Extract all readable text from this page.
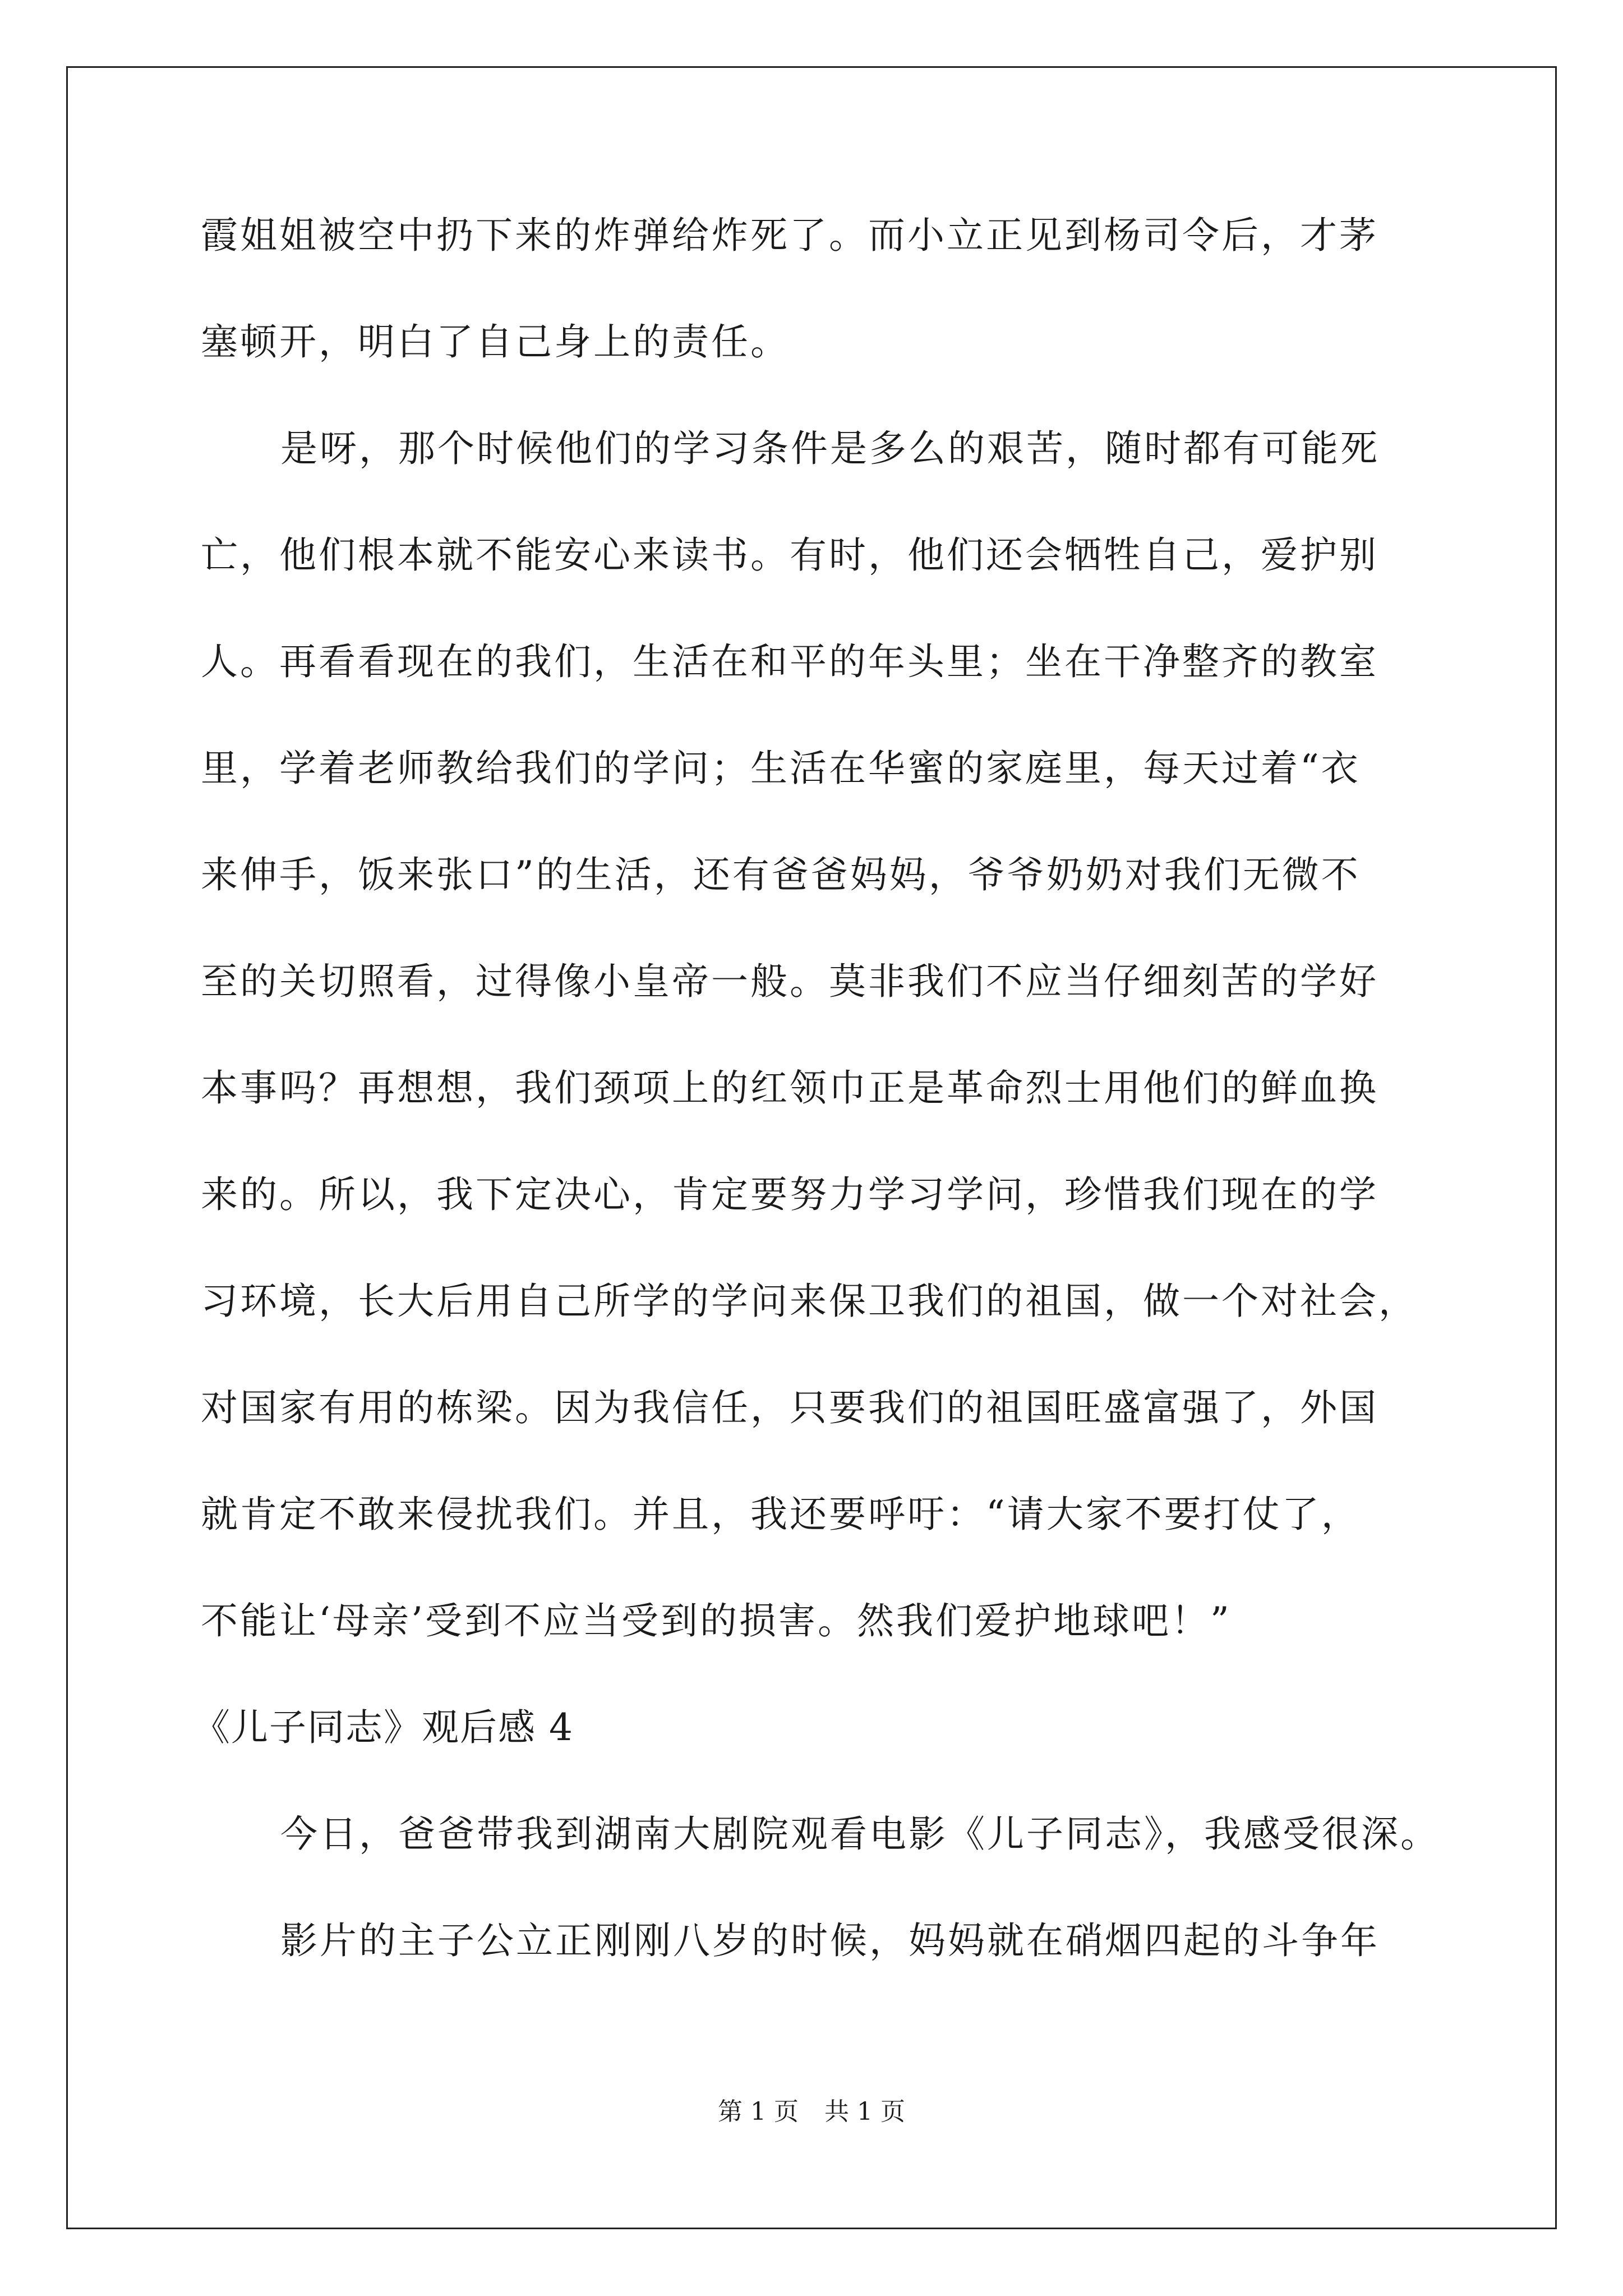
霞姐姐被空中扔下来的炸弹给炸死了。而小立正见到杨司令后，才茅
塞顿开，明白了自己身上的责任。
是呀，那个时候他们的学习条件是多么的艰苦，随时都有可能死
亡，他们根本就不能安心来读书。有时，他们还会牺牲自己，爱护别
人。再看看现在的我们，生活在和平的年头里；坐在干净整齐的教室
里，学着老师教给我们的学问；生活在华蜜的家庭里，每天过着“衣
来伸手，饭来张口”的生活，还有爸爸妈妈，爷爷奶奶对我们无微不
至的关切照看，过得像小皇帝一般。莫非我们不应当仔细刻苦的学好
本事吗？再想想，我们颈项上的红领巾正是革命烈士用他们的鲜血换
来的。所以，我下定决心，肯定要努力学习学问，珍惜我们现在的学
习环境，长大后用自己所学的学问来保卫我们的祖国，做一个对社会，
对国家有用的栋梁。因为我信任，只要我们的祖国旺盛富强了，外国
就肯定不敢来侵扰我们。并且，我还要呼吁：“请大家不要打仗了，
不能让‘母亲’受到不应当受到的损害。然我们爱护地球吧！”
《儿子同志》观后感 4
今日，爸爸带我到湖南大剧院观看电影《儿子同志》，我感受很深。
影片的主子公立正刚刚八岁的时候，妈妈就在硝烟四起的斗争年
第 1 页 共 1 页
